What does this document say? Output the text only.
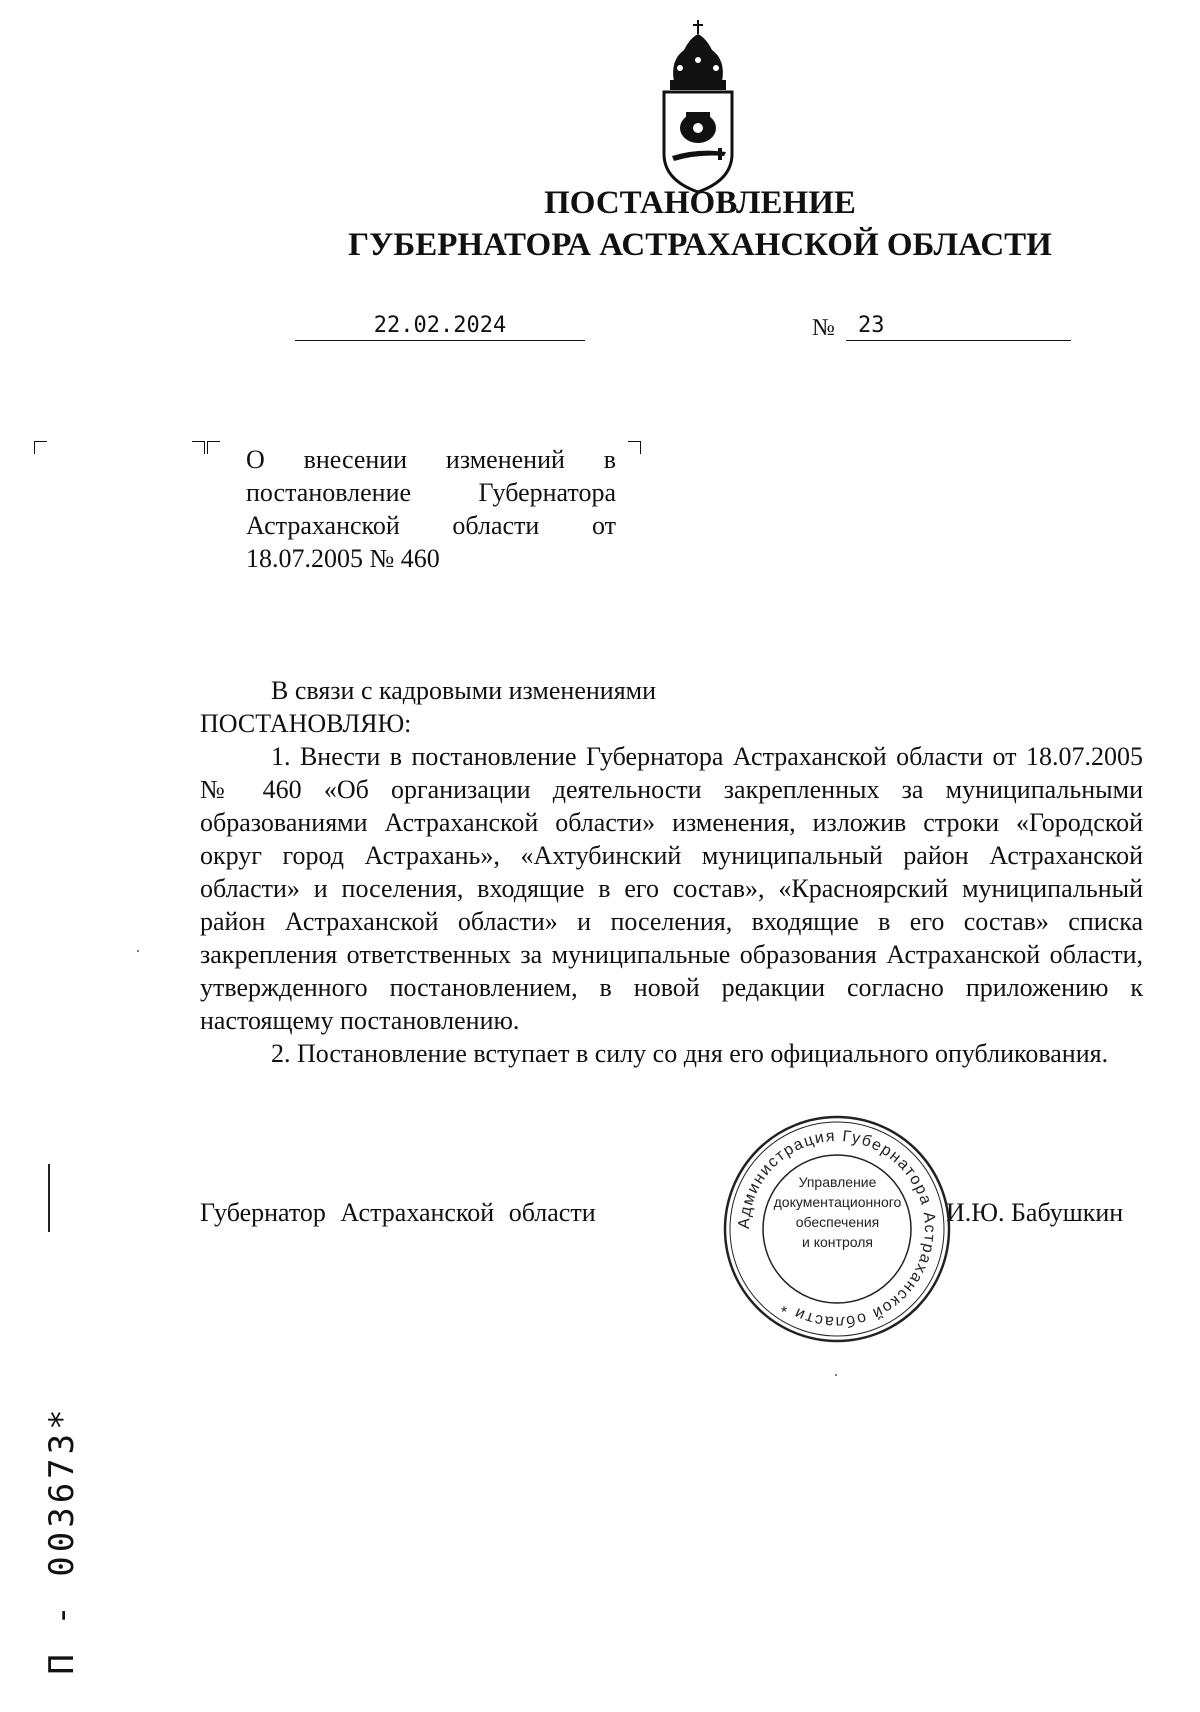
ПОСТАНОВЛЕНИЕ
ГУБЕРНАТОРА АСТРАХАНСКОЙ ОБЛАСТИ
22.02.2024	№	23
О внесении изменений в
постановление Губернатора
Астраханской области от
18.07.2005 № 460
В связи с кадровыми изменениями
ПОСТАНОВЛЯЮ:
1. Внести в постановление Губернатора Астраханской области от 18.07.2005 № 460 «Об организации деятельности закрепленных за муниципальными образованиями Астраханской области» изменения, изложив строки «Городской округ город Астрахань», «Ахтубинский муниципальный район Астраханской области» и поселения, входящие в его состав», «Красноярский муниципальный район Астраханской области» и поселения, входящие в его состав» списка закрепления ответственных за муниципальные образования Астраханской области, утвержденного постановлением, в новой редакции согласно приложению к настоящему постановлению.
2. Постановление вступает в силу со дня его официального опубликования.
Губернатор Астраханской области	И.Ю. Бабушкин
Администрация Губернатора Астраханской области *
Управление
документационного
обеспечения
и контроля
П - 003673*
